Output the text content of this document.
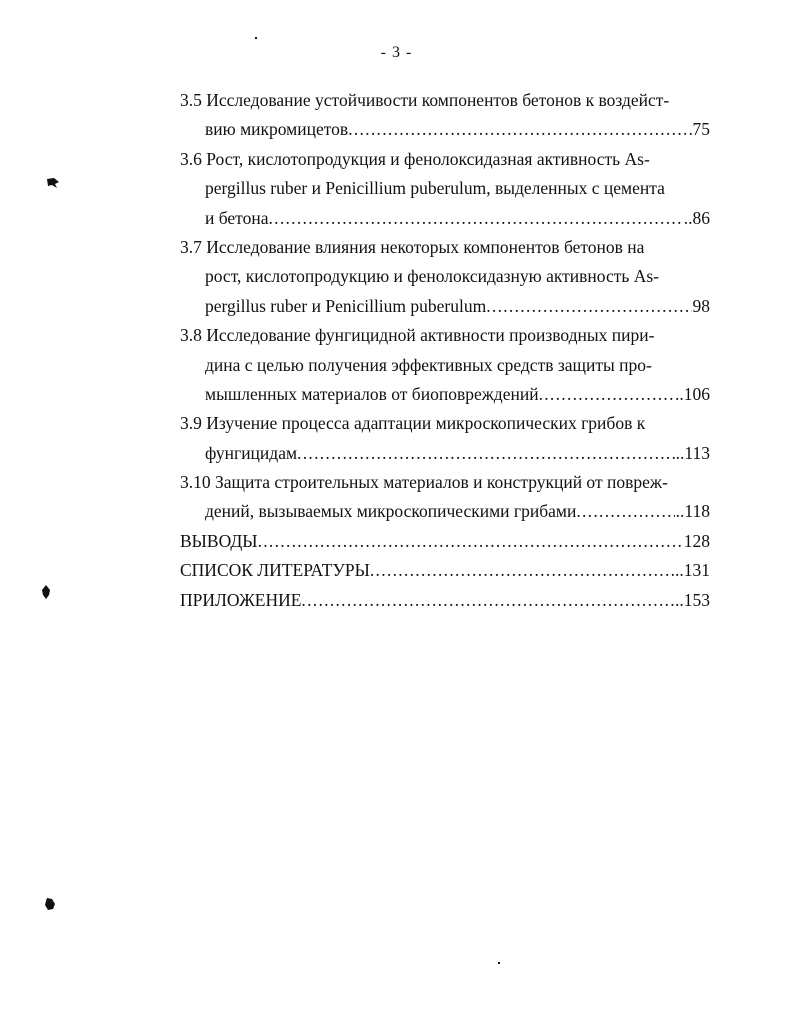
- 3 -
3.5 Исследование устойчивости компонентов бетонов к воздейст-
вию микромицетов .....	75
3.6 Рост, кислотопродукция и фенолоксидазная активность As-
pergillus ruber и Penicillium puberulum, выделенных с цемента
и бетона .....	..86
3.7 Исследование влияния некоторых компонентов бетонов на
рост, кислотопродукцию и фенолоксидазную активность As-
pergillus ruber и Penicillium puberulum .....	98
3.8 Исследование фунгицидной активности производных пири-
дина с целью получения эффективных средств защиты про-
мышленных материалов от биоповреждений .....	..106
3.9 Изучение процесса адаптации микроскопических грибов к
фунгицидам .....	..113
3.10 Защита строительных материалов и конструкций от повреж-
дений, вызываемых микроскопическими грибами .....	..118
ВЫВОДЫ .....	128
СПИСОК ЛИТЕРАТУРЫ .....	..131
ПРИЛОЖЕНИЕ .....	..153
